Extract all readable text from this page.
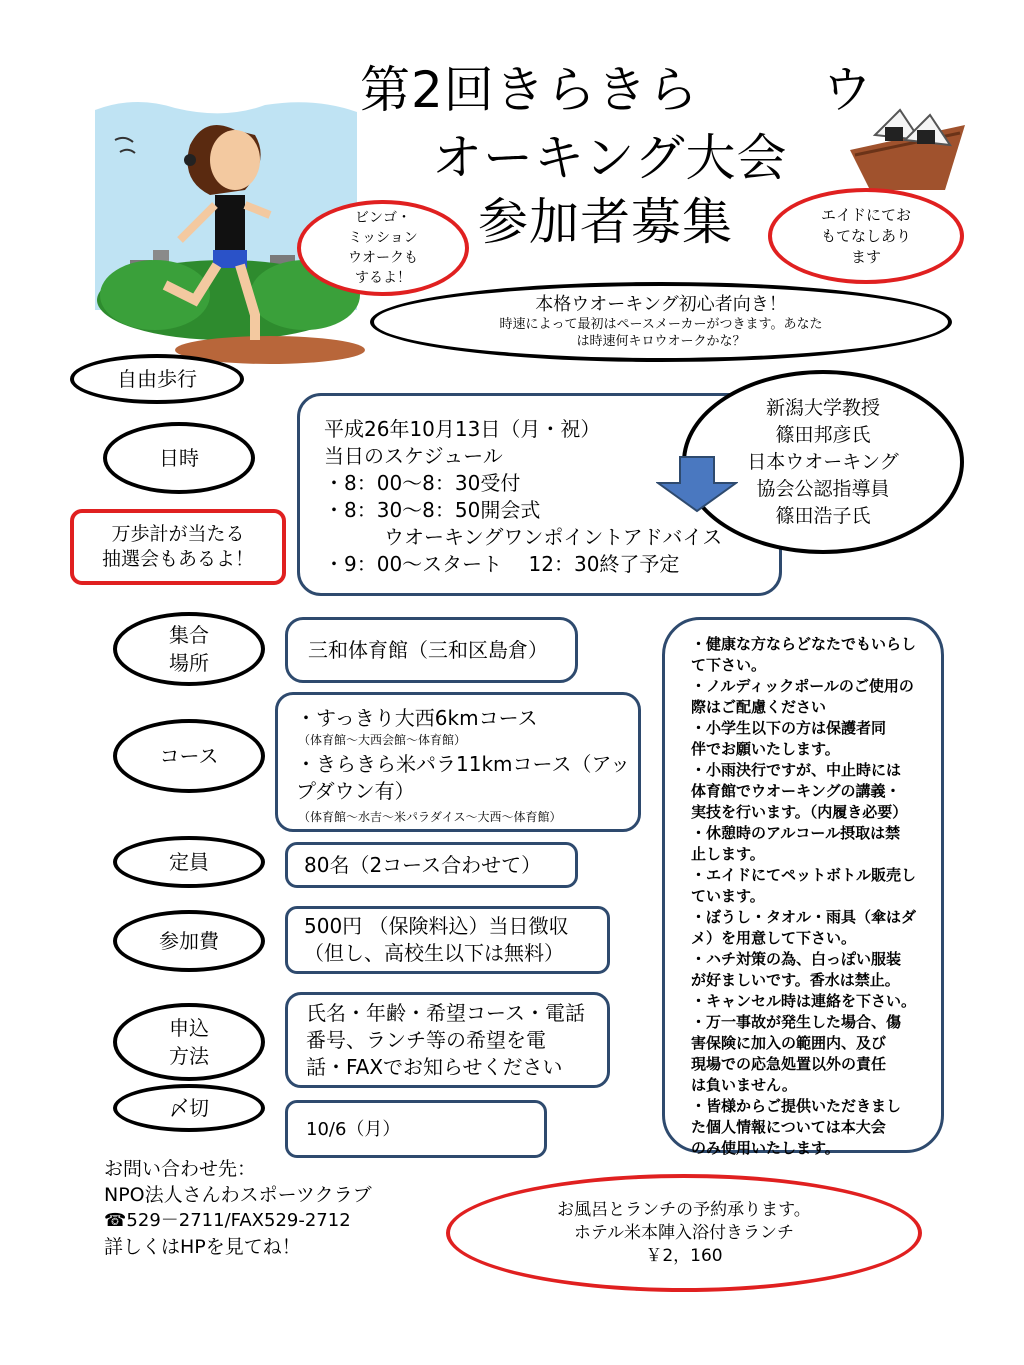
第2回きらきら ウ
オーキング大会
参加者募集
ビンゴ・
ミッション
ウオークも
するよ！
エイドにてお
もてなしあり
ます
本格ウオーキング初心者向き！
時速によって最初はペースメーカーがつきます。あなた
は時速何キロウオークかな？
自由歩行
日時
万歩計が当たる
抽選会もあるよ！
平成26年10月13日（月・祝）
当日のスケジュール
・8：00～8：30受付
・8：30～8：50開会式
ウオーキングワンポイントアドバイス
・9：00～スタート　 12：30終了予定
新潟大学教授
篠田邦彦氏
日本ウオーキング
協会公認指導員
篠田浩子氏
集合
場所
三和体育館（三和区島倉）
コース
・すっきり大西6kmコース
（体育館～大西会館～体育館）
・きらきら米パラ11kmコース（アッ
プダウン有）
（体育館～水吉～米パラダイス～大西～体育館）
定員	80名（2コース合わせて）
参加費
500円 （保険料込）当日徴収
（但し、高校生以下は無料）
申込
方法
氏名・年齢・希望コース・電話
番号、ランチ等の希望を電
話・FAXでお知らせください
〆切
10/6（月）
・健康な方ならどなたでもいらし
て下さい。
・ノルディックポールのご使用の
際はご配慮ください
・小学生以下の方は保護者同
伴でお願いたします。
・小雨決行ですが、中止時には
体育館でウオーキングの講義・
実技を行います。（内履き必要）
・休憩時のアルコール摂取は禁
止します。
・エイドにてペットボトル販売し
ています。
・ぼうし・タオル・雨具（傘はダ
メ）を用意して下さい。
・ハチ対策の為、白っぽい服装
が好ましいです。香水は禁止。
・キャンセル時は連絡を下さい。
・万一事故が発生した場合、傷
害保険に加入の範囲内、及び
現場での応急処置以外の責任
は負いません。
・皆様からご提供いただきまし
た個人情報については本大会
のみ使用いたします。
お問い合わせ先：
NPO法人さんわスポーツクラブ
☎529－2711/FAX529-2712
詳しくはHPを見てね！
お風呂とランチの予約承ります。
ホテル米本陣入浴付きランチ
￥2，160
